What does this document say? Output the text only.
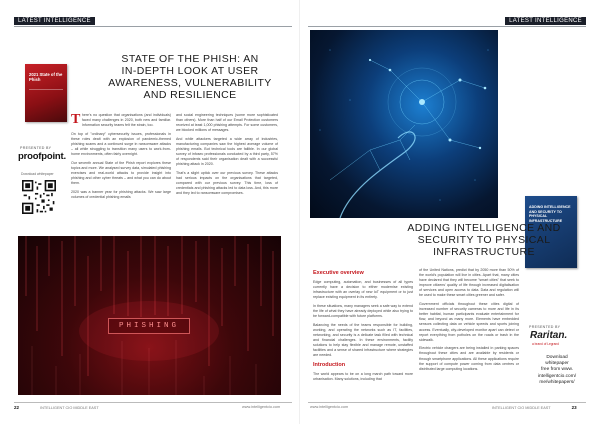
LATEST INTELLIGENCE
2021 State of the Phish
PRESENTED BY
proofpoint.
Download whitepaper
STATE OF THE PHISH: AN
IN-DEPTH LOOK AT USER
AWARENESS, VULNERABILITY
AND RESILIENCE

There's no question that organisations (and individuals) faced many challenges in 2020, both new and familiar. Information security teams felt the strain, too.

On top of "ordinary" cybersecurity issues, professionals in these roles dealt with an explosion of pandemic-themed phishing scams and a continued surge in ransomware attacks – all while struggling to transition many users to work-from-home environments, often fairly overnight.

Our seventh annual State of the Phish report explores these topics and more. We analysed survey data, simulated phishing exercises and real-world attacks to provide insight into phishing and other cyber threats – and what you can do about them.

2020 was a banner year for phishing attacks. We saw large volumes of credential phishing emails

and social engineering techniques (some more sophisticated than others). More than half of our Email Protection customers received at least 1,000 phishing attempts. For some customers, we blocked millions of messages.

And while attackers targeted a wide array of industries, manufacturing companies saw the highest average volume of phishing emails. But technical tools are fallible. In our global survey of infosec professionals conducted by a third party, 57% of respondents said their organisation dealt with a successful phishing attack in 2020.

That's a slight uptick over our previous survey. These attacks had serious impacts on the organisations that targeted, compared with our previous survey. This time, loss of credentials and phishing attacks led to data loss. And, this more and they led to ransomware compromises.

PHISHING
22	INTELLIGENT CIO MIDDLE EAST	www.intelligentcio.com
LATEST INTELLIGENCE
ADDING INTELLIGENCE AND SECURITY TO PHYSICAL INFRASTRUCTURE
ADDING INTELLIGENCE AND
SECURITY TO PHYSICAL
INFRASTRUCTURE
Executive overview

Edge computing, automation, and businesses of all types currently have a decision to either modernise existing infrastructure with an overlay of new IoT equipment or to just replace existing equipment in its entirety.

In these situations, many managers seek a safe way to extend the life of what they have already deployed while also trying to be forward-compatible with future platforms.

Balancing the needs of the teams responsible for building, working, and operating the networks such as IT, facilities, networking, and security is a delicate task filled with technical and financial challenges. In these environments, facility solutions to help stay flexible and manage remote, unstaffed facilities and a sense of shared infrastructure where strategies are needed.

Introduction

The world appears to be on a long march path toward more urbanisation. Many solutions, including that

of the United Nations, predict that by 2050 more than 50% of the world's population will live in cities. Apart that, many cities have declared that they will become "smart cities" that seek to improve citizens' quality of life through increased digitalisation of services and open access to data. Data and regulation will be used to make these smart cities greener and safer.

Government officials throughout these cities digital of increased number of security cameras to more and life in its better habitat, human participants evaluate entertainment for flow, and beyond as many more. Elements have embedded sensors collecting data on vehicle speeds and sports joining access. Eventually, city-developed monitor apart can detect or report everything from potholes on the roads or trash in the sidewalk.

Electric vehicle chargers are being installed in parking spaces throughout these cities and are available by residents or through smartphone applications. All these applications require the support of compute power coming from data centres or distributed large computing locations.

PRESENTED BY
Raritan.
a brand of Legrand
Download
whitepaper
free from www.
intelligentcio.com/
me/whitepapers/
www.intelligentcio.com	INTELLIGENT CIO MIDDLE EAST	23
